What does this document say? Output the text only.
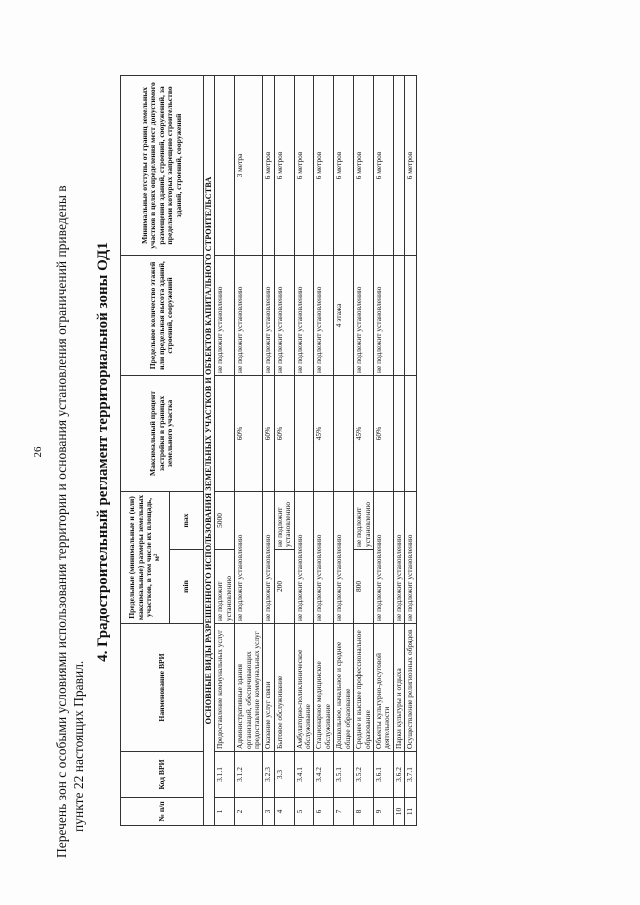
26 Перечень зон с особыми условиями использования территории и основания установления ограничений приведены в пункте 22 настоящих Правил.
4. Градостроительный регламент территориальной зоны ОД1
№ п/п	Код ВРИ	Наименование ВРИ	Предельные (минимальные и (или) максимальные) размеры земельных участков, в том числе их площадь, м²		Максимальный процент застройки в границах земельного участка	Предельное количество этажей или предельная высота зданий, строений, сооружений	Минимальные отступы от границ земельных участков в целях определения мест допустимого размещения зданий, строений, сооружений, за пределами которых запрещено строительство зданий, строений, сооружений
			min	max			
ОСНОВНЫЕ ВИДЫ РАЗРЕШЕННОГО ИСПОЛЬЗОВАНИЯ ЗЕМЕЛЬНЫХ УЧАСТКОВ И ОБЪЕКТОВ КАПИТАЛЬНОГО СТРОИТЕЛЬСТВА							
1	3.1.1	Предоставление коммунальных услуг	не подлежит установлению	5000		не подлежит установлению	
2	3.1.2	Административные здания организаций, обеспечивающих предоставление коммунальных услуг	не подлежит установлению		60%	не подлежит установлению	3 метра
3	3.2.3	Оказание услуг связи	не подлежит установлению		60%	не подлежит установлению	6 метров
4	3.3	Бытовое обслуживание	200	не подлежит установлению	60%	не подлежит установлению	6 метров
5	3.4.1	Амбулаторно-поликлиническое обслуживание	не подлежит установлению			не подлежит установлению	6 метров
6	3.4.2	Стационарное медицинское обслуживание	не подлежит установлению		45%	не подлежит установлению	6 метров
7	3.5.1	Дошкольное, начальное и среднее общее образование	не подлежит установлению			4 этажа	6 метров
8	3.5.2	Среднее и высшее профессиональное образование	800	не подлежит установлению	45%	не подлежит установлению	6 метров
9	3.6.1	Объекты культурно-досуговой деятельности	не подлежит установлению		60%	не подлежит установлению	6 метров
10	3.6.2	Парки культуры и отдыха	не подлежит установлению				
11	3.7.1	Осуществление религиозных обрядов	не подлежит установлению				6 метров
